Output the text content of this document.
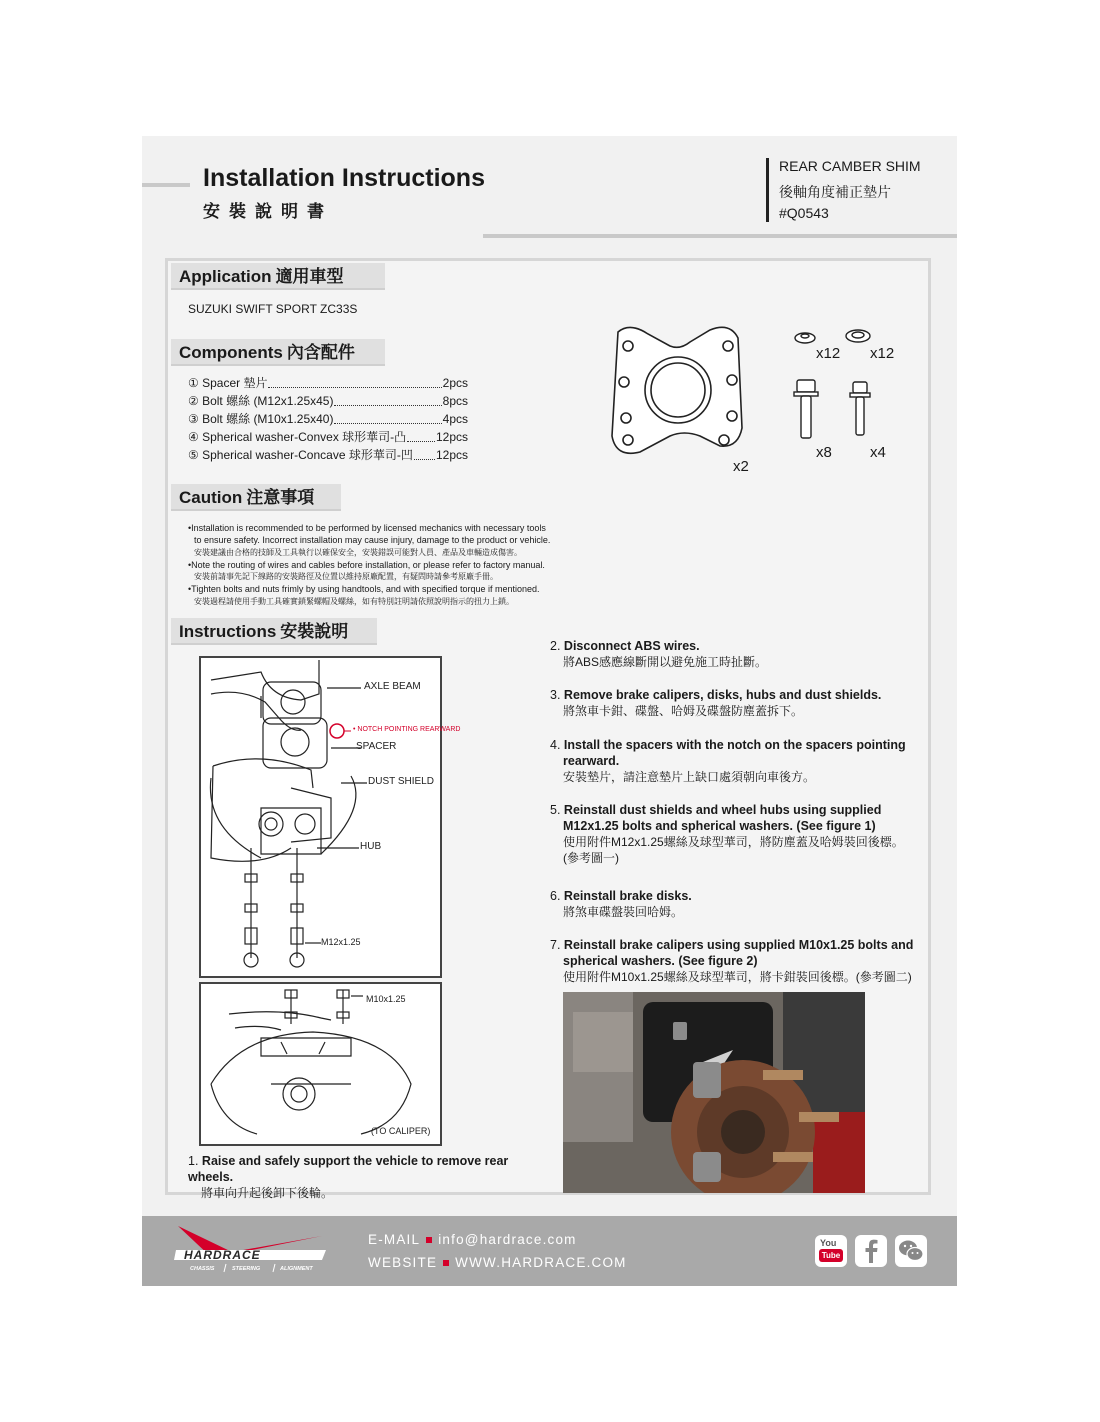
Installation Instructions
安裝說明書
REAR CAMBER SHIM
後軸角度補正墊片
#Q0543
Application 適用車型
SUZUKI SWIFT SPORT ZC33S
Components 內含配件
① Spacer 墊片	2pcs
② Bolt 螺絲 (M12x1.25x45)	8pcs
③ Bolt 螺絲 (M10x1.25x40)	4pcs
④ Spherical washer-Convex 球形華司-凸 12pcs
⑤ Spherical washer-Concave 球形華司-凹 12pcs
x2
x8	x4
x12 x12
Caution 注意事項
•Installation is recommended to be performed by licensed mechanics with necessary tools
to ensure safety. Incorrect installation may cause injury, damage to the product or vehicle.
安裝建議由合格的技師及工具執行以確保安全，安裝錯誤可能對人員、產品及車輛造成傷害。
•Note the routing of wires and cables before installation, or please refer to factory manual.
安裝前請事先記下線路的安裝路徑及位置以維持原廠配置，有疑問時請參考原廠手冊。
•Tighten bolts and nuts frimly by using handtools, and with specified torque if mentioned.
安裝過程請使用手動工具確實鎖緊螺帽及螺絲，如有特別註明請依照說明指示的扭力上鎖。
Instructions 安裝說明
AXLE BEAM
• NOTCH POINTING REARWARD
SPACER
DUST SHIELD
HUB
M12x1.25
M10x1.25
(TO CALIPER)
1. Raise and safely support the vehicle to remove rear wheels.
將車向升起後卸下後輪。
2. Disconnect ABS wires.
將ABS感應線斷開以避免施工時扯斷。
3. Remove brake calipers, disks, hubs and dust shields.
將煞車卡鉗、碟盤、哈姆及碟盤防塵蓋拆下。
4. Install the spacers with the notch on the spacers pointing
rearward.
安裝墊片，請注意墊片上缺口處須朝向車後方。
5. Reinstall dust shields and wheel hubs using supplied
M12x1.25 bolts and spherical washers. (See figure 1)
使用附件M12x1.25螺絲及球型華司，將防塵蓋及哈姆裝回後標。
(參考圖一)
6. Reinstall brake disks.
將煞車碟盤裝回哈姆。
7. Reinstall brake calipers using supplied M10x1.25 bolts and
spherical washers. (See figure 2)
使用附件M10x1.25螺絲及球型華司，將卡鉗裝回後標。(參考圖二)
HARDRACE
CHASSIS	STEERING	ALIGNMENT
E-MAIL info@hardrace.com
WEBSITE WWW.HARDRACE.COM
You
Tube
